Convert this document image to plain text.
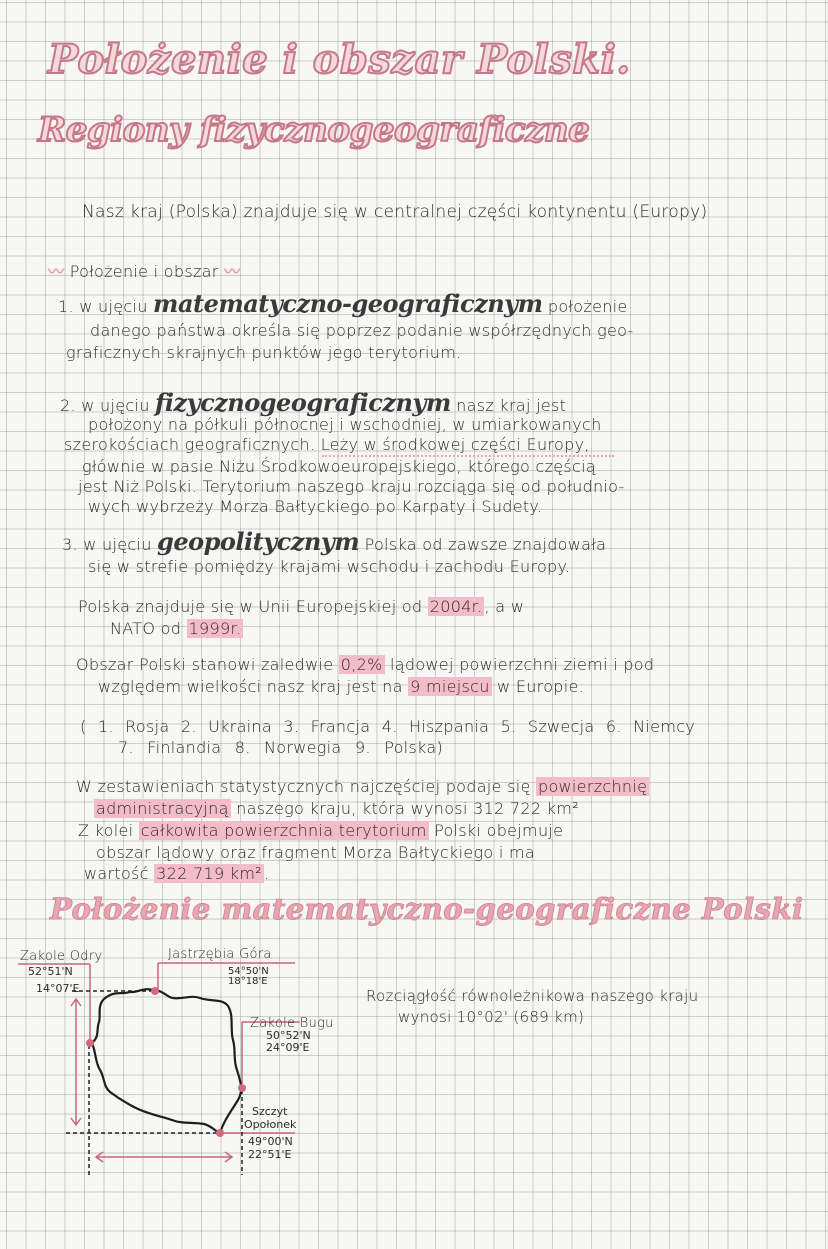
Położenie i obszar Polski.
Regiony fizycznogeograficzne
Nasz kraj (Polska) znajduje się w centralnej części kontynentu (Europy)
〰 Położenie i obszar 〰
1. w ujęciu matematyczno-geograficznym położenie
danego państwa określa się poprzez podanie współrzędnych geo-
graficznych skrajnych punktów jego terytorium.
2. w ujęciu fizycznogeograficznym nasz kraj jest
położony na półkuli północnej i wschodniej, w umiarkowanych
szerokościach geograficznych. Leży w środkowej części Europy,
głównie w pasie Niżu Środkowoeuropejskiego, którego częścią
jest Niż Polski. Terytorium naszego kraju rozciąga się od południo-
wych wybrzeży Morza Bałtyckiego po Karpaty i Sudety.
3. w ujęciu geopolitycznym Polska od zawsze znajdowała
się w strefie pomiędzy krajami wschodu i zachodu Europy.
Polska znajduje się w Unii Europejskiej od 2004r. , a w
NATO od 1999r.
Obszar Polski stanowi zaledwie 0,2% lądowej powierzchni ziemi i pod
względem wielkości nasz kraj jest na 9 miejscu w Europie.
( 1. Rosja 2. Ukraina 3. Francja 4. Hiszpania 5. Szwecja 6. Niemcy
7. Finlandia 8. Norwegia 9. Polska)
W zestawieniach statystycznych najczęściej podaje się powierzchnię
administracyjną naszego kraju, która wynosi 312 722 km²
Z kolei całkowita powierzchnia terytorium Polski obejmuje
obszar lądowy oraz fragment Morza Bałtyckiego i ma
wartość 322 719 km² .
Położenie matematyczno-geograficzne Polski
Zakole Odry
52°51'N
14°07'E
Jastrzębia Góra
54°50'N
18°18'E
Zakole Bugu
50°52'N
24°09'E
Szczyt
Opołonek
49°00'N
22°51'E
Rozciągłość równoleżnikowa naszego kraju
wynosi 10°02' (689 km)
